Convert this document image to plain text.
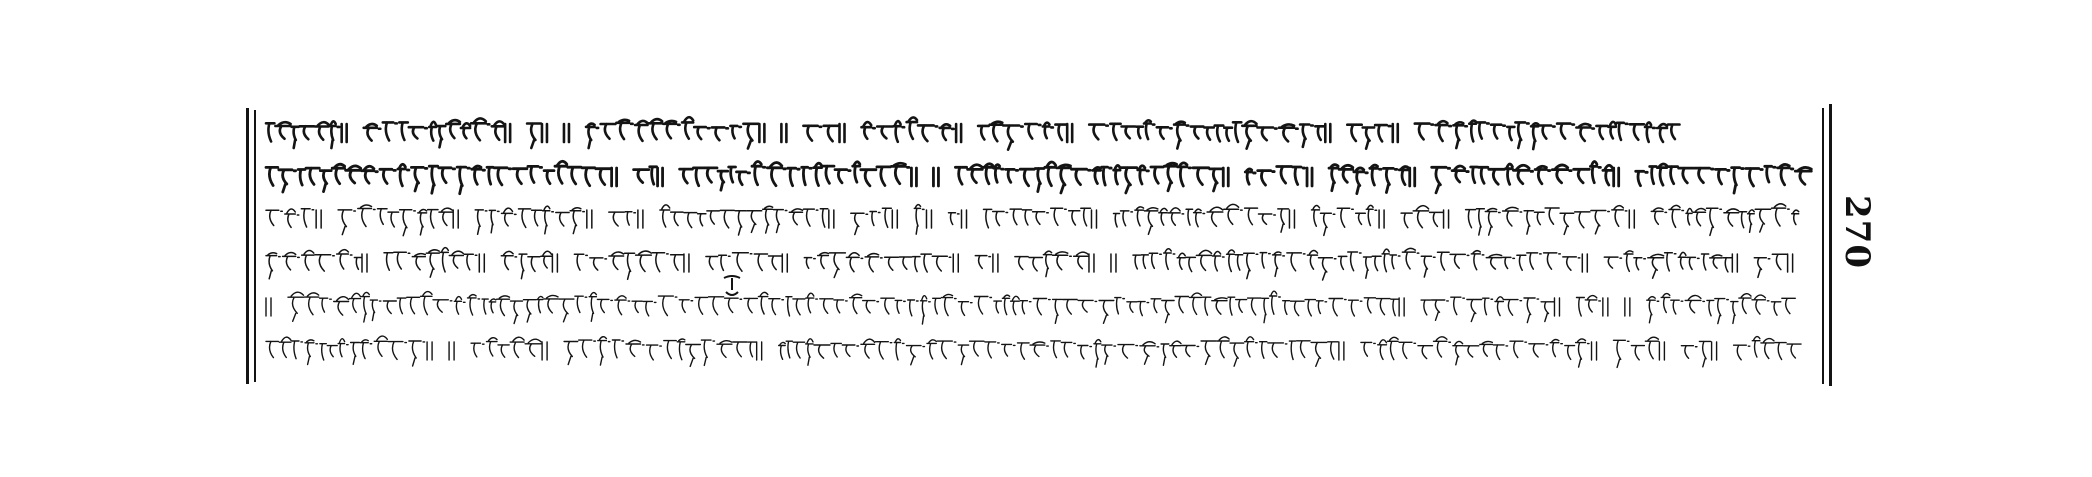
270
